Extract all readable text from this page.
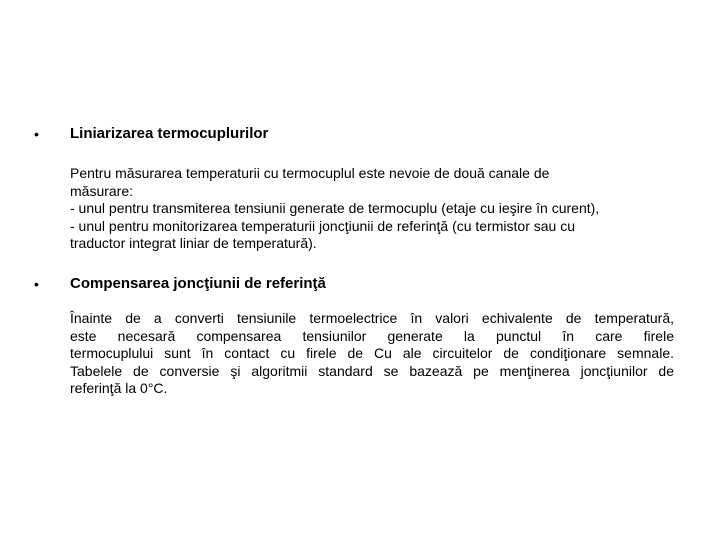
• Liniarizarea termocuplurilor
Pentru măsurarea temperaturii cu termocuplul este nevoie de două canale de
măsurare:
- unul pentru transmiterea tensiunii generate de termocuplu (etaje cu ieşire în curent),
- unul pentru monitorizarea temperaturii joncţiunii de referinţă (cu termistor sau cu
traductor integrat liniar de temperatură).
• Compensarea joncţiunii de referinţă
Înainte de a converti tensiunile termoelectrice în valori echivalente de temperatură,
este necesară compensarea tensiunilor generate la punctul în care firele
termocuplului sunt în contact cu firele de Cu ale circuitelor de condiţionare semnale.
Tabelele de conversie şi algoritmii standard se bazează pe menţinerea joncţiunilor de
referinţă la 0°C.
